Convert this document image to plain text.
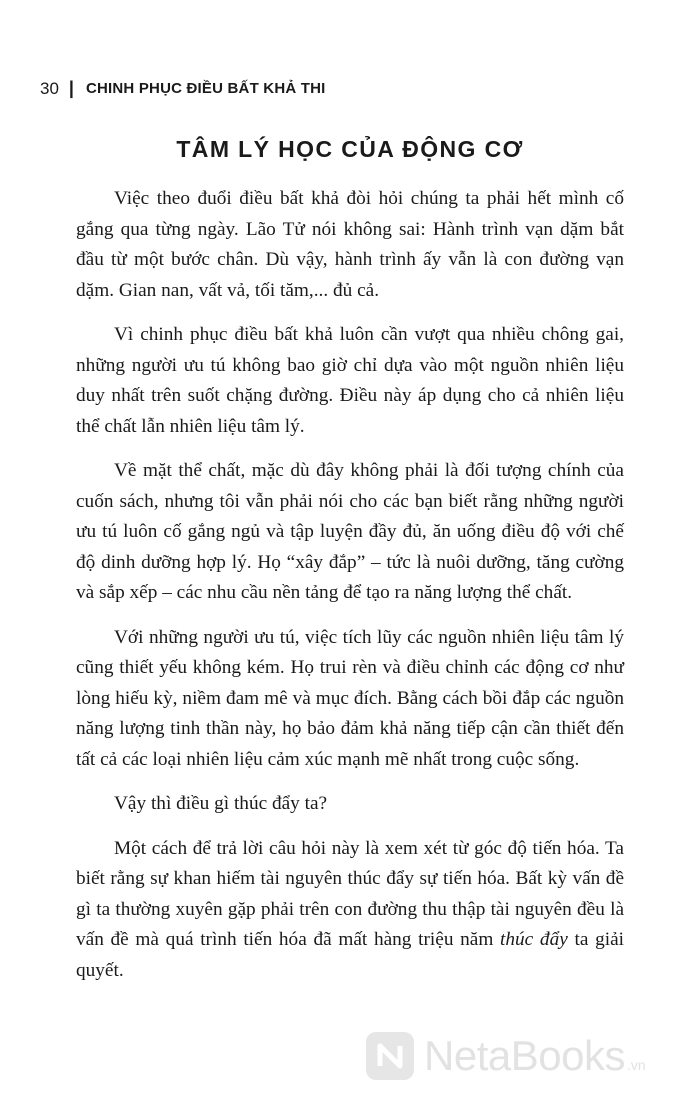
30 | CHINH PHỤC ĐIỀU BẤT KHẢ THI
TÂM LÝ HỌC CỦA ĐỘNG CƠ

Việc theo đuổi điều bất khả đòi hỏi chúng ta phải hết mình cố gắng qua từng ngày. Lão Tử nói không sai: Hành trình vạn dặm bắt đầu từ một bước chân. Dù vậy, hành trình ấy vẫn là con đường vạn dặm. Gian nan, vất vả, tối tăm,... đủ cả.

Vì chinh phục điều bất khả luôn cần vượt qua nhiều chông gai, những người ưu tú không bao giờ chỉ dựa vào một nguồn nhiên liệu duy nhất trên suốt chặng đường. Điều này áp dụng cho cả nhiên liệu thể chất lẫn nhiên liệu tâm lý.

Về mặt thể chất, mặc dù đây không phải là đối tượng chính của cuốn sách, nhưng tôi vẫn phải nói cho các bạn biết rằng những người ưu tú luôn cố gắng ngủ và tập luyện đầy đủ, ăn uống điều độ với chế độ dinh dưỡng hợp lý. Họ “xây đắp” – tức là nuôi dưỡng, tăng cường và sắp xếp – các nhu cầu nền tảng để tạo ra năng lượng thể chất.

Với những người ưu tú, việc tích lũy các nguồn nhiên liệu tâm lý cũng thiết yếu không kém. Họ trui rèn và điều chỉnh các động cơ như lòng hiếu kỳ, niềm đam mê và mục đích. Bằng cách bồi đắp các nguồn năng lượng tinh thần này, họ bảo đảm khả năng tiếp cận cần thiết đến tất cả các loại nhiên liệu cảm xúc mạnh mẽ nhất trong cuộc sống.

Vậy thì điều gì thúc đẩy ta?

Một cách để trả lời câu hỏi này là xem xét từ góc độ tiến hóa. Ta biết rằng sự khan hiếm tài nguyên thúc đẩy sự tiến hóa. Bất kỳ vấn đề gì ta thường xuyên gặp phải trên con đường thu thập tài nguyên đều là vấn đề mà quá trình tiến hóa đã mất hàng triệu năm thúc đẩy ta giải quyết.

NetaBooks .vn
